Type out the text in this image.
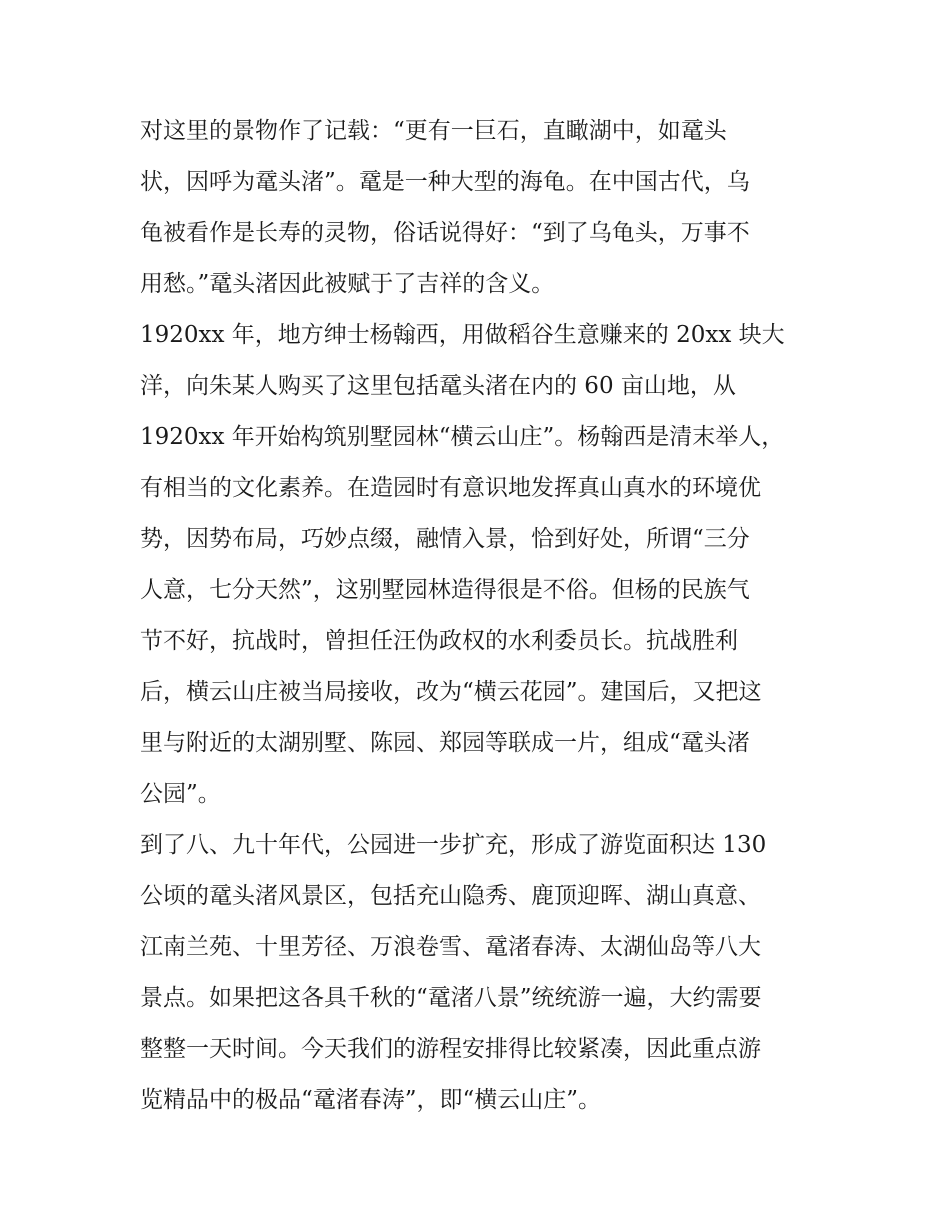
对这里的景物作了记载：“更有一巨石，直瞰湖中，如鼋头
状，因呼为鼋头渚”。鼋是一种大型的海龟。在中国古代，乌
龟被看作是长寿的灵物，俗话说得好：“到了乌龟头，万事不
用愁。”鼋头渚因此被赋于了吉祥的含义。
1920xx 年，地方绅士杨翰西，用做稻谷生意赚来的 20xx 块大
洋，向朱某人购买了这里包括鼋头渚在内的 60 亩山地，从
1920xx 年开始构筑别墅园林“横云山庄”。杨翰西是清末举人，
有相当的文化素养。在造园时有意识地发挥真山真水的环境优
势，因势布局，巧妙点缀，融情入景，恰到好处，所谓“三分
人意，七分天然”，这别墅园林造得很是不俗。但杨的民族气
节不好，抗战时，曾担任汪伪政权的水利委员长。抗战胜利
后，横云山庄被当局接收，改为“横云花园”。建国后，又把这
里与附近的太湖别墅、陈园、郑园等联成一片，组成“鼋头渚
公园”。
到了八、九十年代，公园进一步扩充，形成了游览面积达 130
公顷的鼋头渚风景区，包括充山隐秀、鹿顶迎晖、湖山真意、
江南兰苑、十里芳径、万浪卷雪、鼋渚春涛、太湖仙岛等八大
景点。如果把这各具千秋的“鼋渚八景”统统游一遍，大约需要
整整一天时间。今天我们的游程安排得比较紧凑，因此重点游
览精品中的极品“鼋渚春涛”，即“横云山庄”。
